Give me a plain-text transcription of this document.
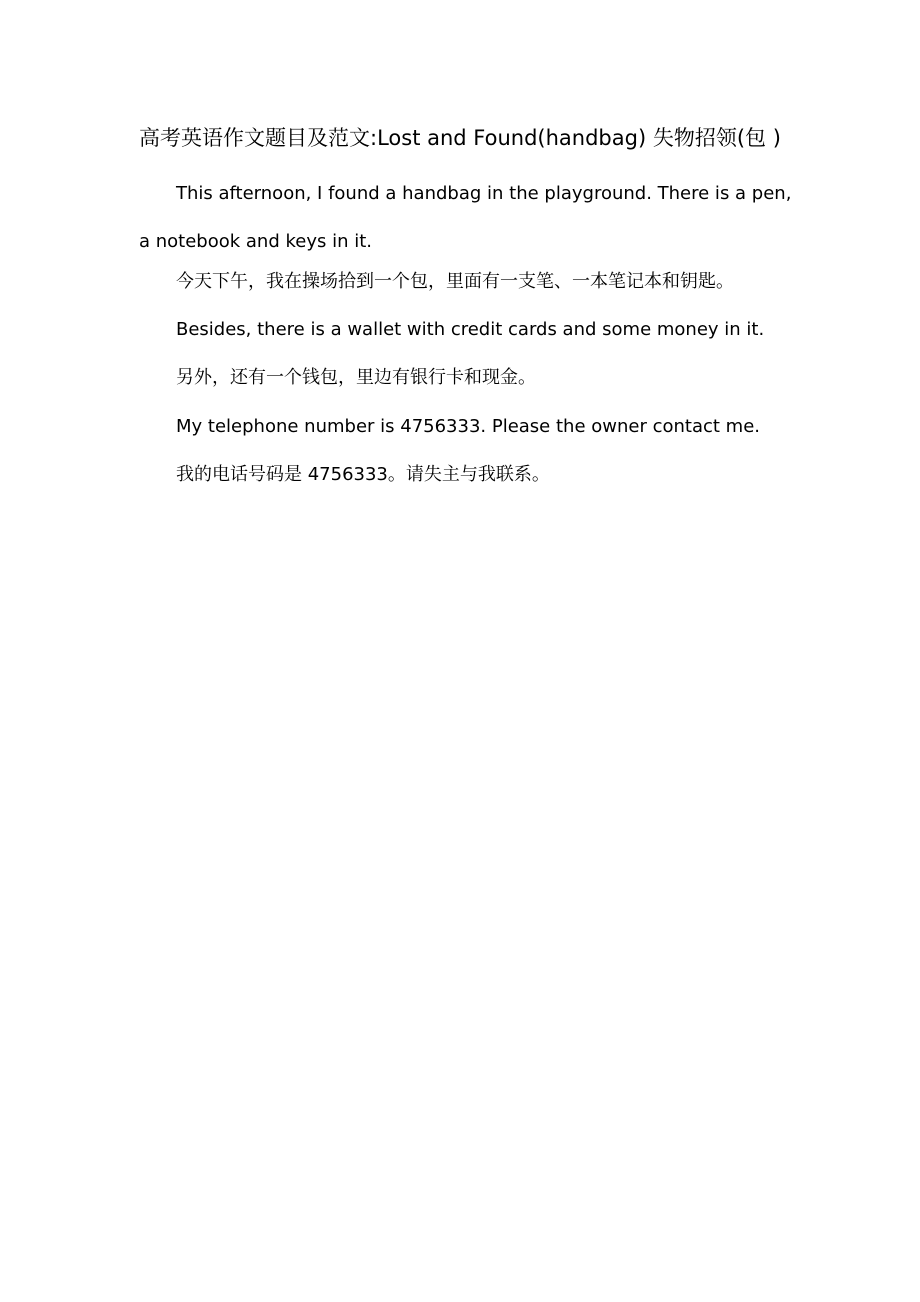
高考英语作文题目及范文:Lost and Found(handbag) 失物招领(包 )

This afternoon, I found a handbag in the playground. There is a pen, a notebook and keys in it.

今天下午，我在操场拾到一个包，里面有一支笔、一本笔记本和钥匙。

Besides, there is a wallet with credit cards and some money in it.

另外，还有一个钱包，里边有银行卡和现金。

My telephone number is 4756333. Please the owner contact me.

我的电话号码是 4756333。请失主与我联系。
